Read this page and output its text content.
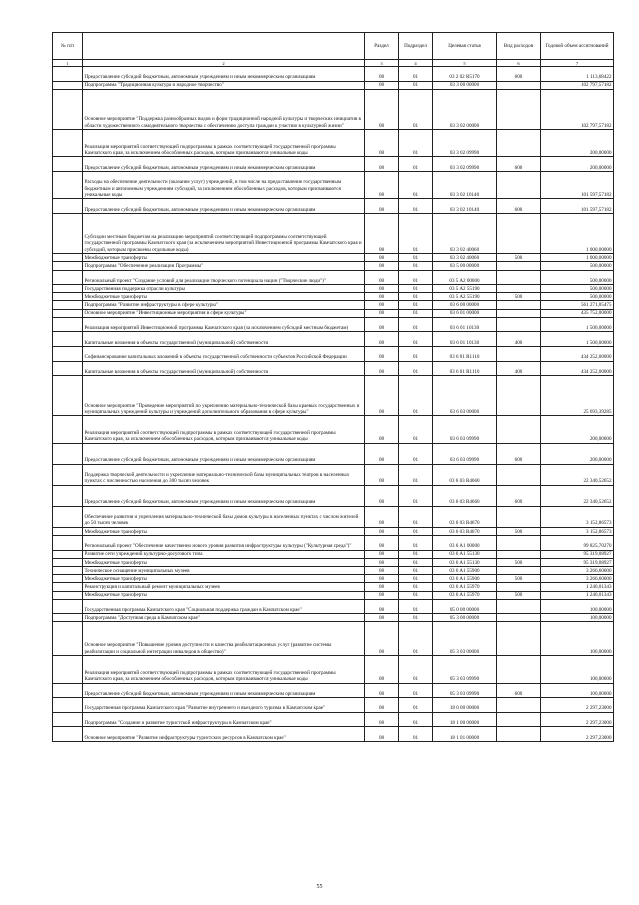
№ п/п		Раздел	Подраздел	Целевая статья	Вид расходов	Годовой объем ассигнований
1	2	3	4	5	6	7
	Предоставление субсидий бюджетным, автономным учреждениям и иным некоммерческим организациям	08	01	03 2 02 R5170	600	1 113,68422
	Подпрограмма "Традиционная культура и народное творчество"	08	01	03 3 00 00000		102 797,57182
	Основное мероприятие "Поддержка разнообразных видов и форм традиционной народной культуры и творческих инициатив в области художественного самодеятельного творчества с обеспечению доступа граждан к участию в культурной жизни"	08	01	03 3 02 00000		102 797,57182
	Реализация мероприятий соответствующей подпрограммы в рамках соответствующей государственной программы Камчатского края, за исключением обособленных расходов, которым присваиваются уникальные коды	08	01	03 3 02 09990		200,00000
	Предоставление субсидий бюджетным, автономным учреждениям и иным некоммерческим организациям	08	01	03 3 02 09990	600	200,00000
	Расходы на обеспечение деятельности (оказание услуг) учреждений, в том числе на предоставление государственным бюджетным и автономным учреждениям субсидий, за исключением обособленных расходов, которым присваиваются уникальные коды	08	01	03 3 02 10140		101 597,57182
	Предоставление субсидий бюджетным, автономным учреждениям и иным некоммерческим организациям	08	01	03 3 02 10140	600	101 597,57182
	Субсидии местным бюджетам на реализацию мероприятий соответствующей подпрограммы соответствующей государственной программы Камчатского края (за исключением мероприятий Инвестиционной программы Камчатского края и субсидий, которым присвоены отдельные коды)	08	01	03 3 02 40060		1 000,00000
	Межбюджетные трансферты	08	01	03 3 02 40060	500	1 000,00000
	Подпрограмма "Обеспечение реализации Программы"	08	01	03 5 00 00000		500,00000
	Региональный проект "Создание условий для реализации творческого потенциала нации ("Творческие люди")"	08	01	03 5 A2 00000		500,00000
	Государственная поддержка отрасли культуры	08	01	03 5 A2 55190		500,00000
	Межбюджетные трансферты	08	01	03 5 A2 55190	500	500,00000
	Подпрограмма "Развитие инфраструктуры в сфере культуры"	08	01	03 6 00 00000		561 271,05475
	Основное мероприятие "Инвестиционные мероприятия в сфере культуры"	08	01	03 6 01 00000		435 752,00000
	Реализация мероприятий Инвестиционной программы Камчатского края (за исключением субсидий местным бюджетам)	08	01	03 6 01 10130		1 500,00000
	Капитальные вложения в объекты государственной (муниципальной) собственности	08	01	03 6 01 10130	400	1 500,00000
	Софинансирование капитальных вложений в объекты государственной собственности субъектов Российской Федерации	08	01	03 6 01 R1110		434 252,00000
	Капитальные вложения в объекты государственной (муниципальной) собственности	08	01	03 6 01 R1110	400	434 252,00000
	Основное мероприятие "Проведение мероприятий по укреплению материально-технической базы краевых государственных и муниципальных учреждений культуры и учреждений дополнительного образования в сфере культуры"	08	01	03 6 03 00000		25 693,39285
	Реализация мероприятий соответствующей подпрограммы в рамках соответствующей государственной программы Камчатского края, за исключением обособленных расходов, которым присваиваются уникальные коды	08	01	03 6 03 09990		200,00000
	Предоставление субсидий бюджетным, автономным учреждениям и иным некоммерческим организациям	08	01	03 6 03 09990	600	200,00000
	Поддержка творческой деятельности и укрепление материально-технической базы муниципальных театров в населенных пунктах с численностью населения до 300 тысяч человек	08	01	03 6 03 R4660		22 340,52652
	Предоставление субсидий бюджетным, автономным учреждениям и иным некоммерческим организациям	08	01	03 6 03 R4660	600	22 340,52652
	Обеспечение развития и укрепления материально-технической базы домов культуры в населенных пунктах с числом жителей до 50 тысяч человек	08	01	03 6 03 R4670		3 152,86573
	Межбюджетные трансферты	08	01	03 6 03 R4670	500	3 152,86573
	Региональный проект "Обеспечение качественно нового уровня развития инфраструктуры культуры ("Культурная среда")"	08	01	03 6 A1 00000		99 825,70270
	Развитие сети учреждений культурно-досугового типа	08	01	03 6 A1 55130		95 319,08927
	Межбюджетные трансферты	08	01	03 6 A1 55130	500	95 319,08927
	Техническое оснащение муниципальных музеев	08	01	03 6 A1 55900		3 266,60000
	Межбюджетные трансферты	08	01	03 6 A1 55900	500	3 266,60000
	Реконструкция и капитальный ремонт муниципальных музеев	08	01	03 6 A1 55970		1 240,01343
	Межбюджетные трансферты	08	01	03 6 A1 55970	500	1 240,01343
	Государственная программа Камчатского края "Социальная поддержка граждан в Камчатском крае"	08	01	05 0 00 00000		100,00000
	Подпрограмма "Доступная среда в Камчатском крае"	08	01	05 3 00 00000		100,00000
	Основное мероприятие "Повышение уровня доступности и качества реабилитационных услуг (развитие системы реабилитации и социальной интеграции инвалидов в общество)"	08	01	05 3 03 00000		100,00000
	Реализация мероприятий соответствующей подпрограммы в рамках соответствующей государственной программы Камчатского края, за исключением обособленных расходов, которым присваиваются уникальные коды	08	01	05 3 03 09990		100,00000
	Предоставление субсидий бюджетным, автономным учреждениям и иным некоммерческим организациям	08	01	05 3 03 09990	600	100,00000
	Государственная программа Камчатского края "Развитие внутреннего и въездного туризма в Камчатском крае"	08	01	18 0 00 00000		2 297,23000
	Подпрограмма "Создание и развитие туристской инфраструктуры в Камчатском крае"	08	01	18 1 00 00000		2 297,23000
	Основное мероприятие "Развитие инфраструктуры туристских ресурсов в Камчатском крае"	08	01	18 1 01 00000		2 297,23000
55
